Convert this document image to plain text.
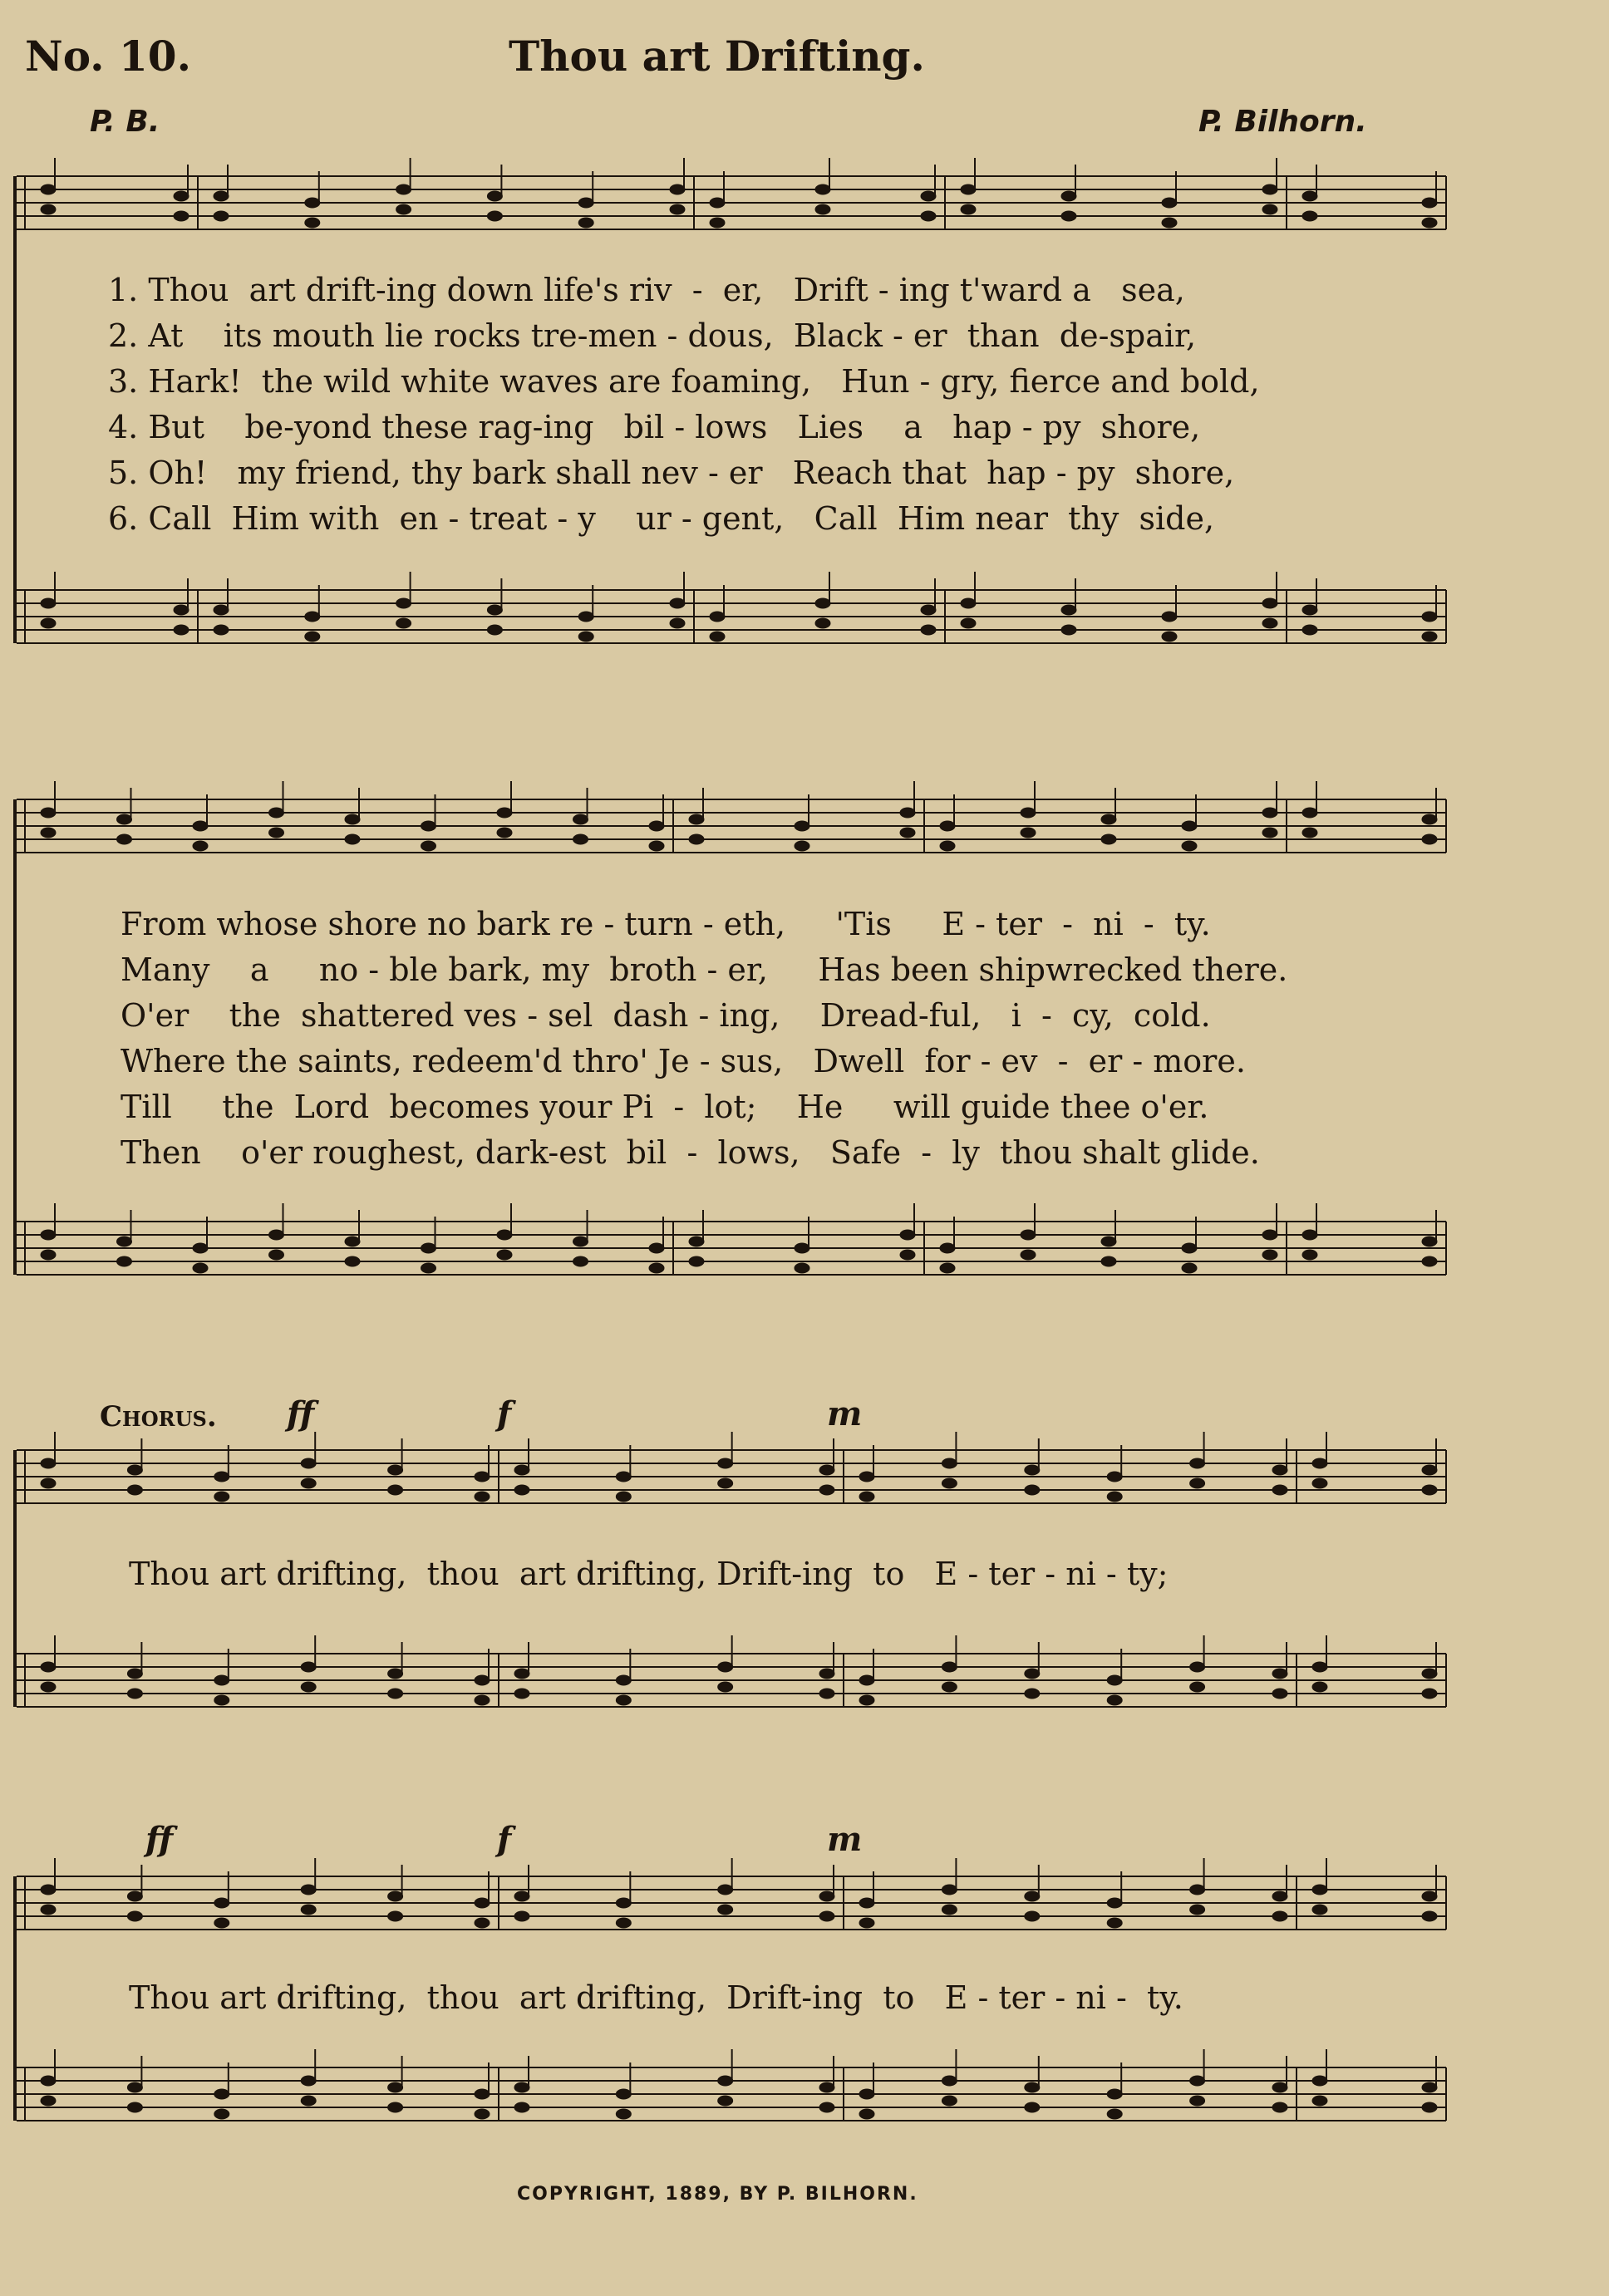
No. 10.	Thou art Drifting.
P. B.	P. Bilhorn.
1. Thou  art drift-ing down life's riv  -  er,   Drift - ing t'ward a   sea,
2. At    its mouth lie rocks tre-men - dous,  Black - er  than  de-spair,
3. Hark!  the wild white waves are foaming,   Hun - gry, fierce and bold,
4. But    be-yond these rag-ing   bil - lows   Lies    a   hap - py  shore,
5. Oh!   my friend, thy bark shall nev - er   Reach that  hap - py  shore,
6. Call  Him with  en - treat - y    ur - gent,   Call  Him near  thy  side,
From whose shore no bark re - turn - eth,     'Tis     E - ter  -  ni  -  ty.
Many    a     no - ble bark, my  broth - er,     Has been shipwrecked there.
O'er    the  shattered ves - sel  dash - ing,    Dread-ful,   i  -  cy,  cold.
Where the saints, redeem'd thro' Je - sus,   Dwell  for - ev  -  er - more.
Till     the  Lord  becomes your Pi  -  lot;    He     will guide thee o'er.
Then    o'er roughest, dark-est  bil  -  lows,   Safe  -  ly  thou shalt glide.
Chorus. ff	f	m
Thou art drifting,  thou  art drifting, Drift-ing  to   E - ter - ni - ty;
ff	f	m
Thou art drifting,  thou  art drifting,  Drift-ing  to   E - ter - ni -  ty.
COPYRIGHT, 1889, BY P. BILHORN.
